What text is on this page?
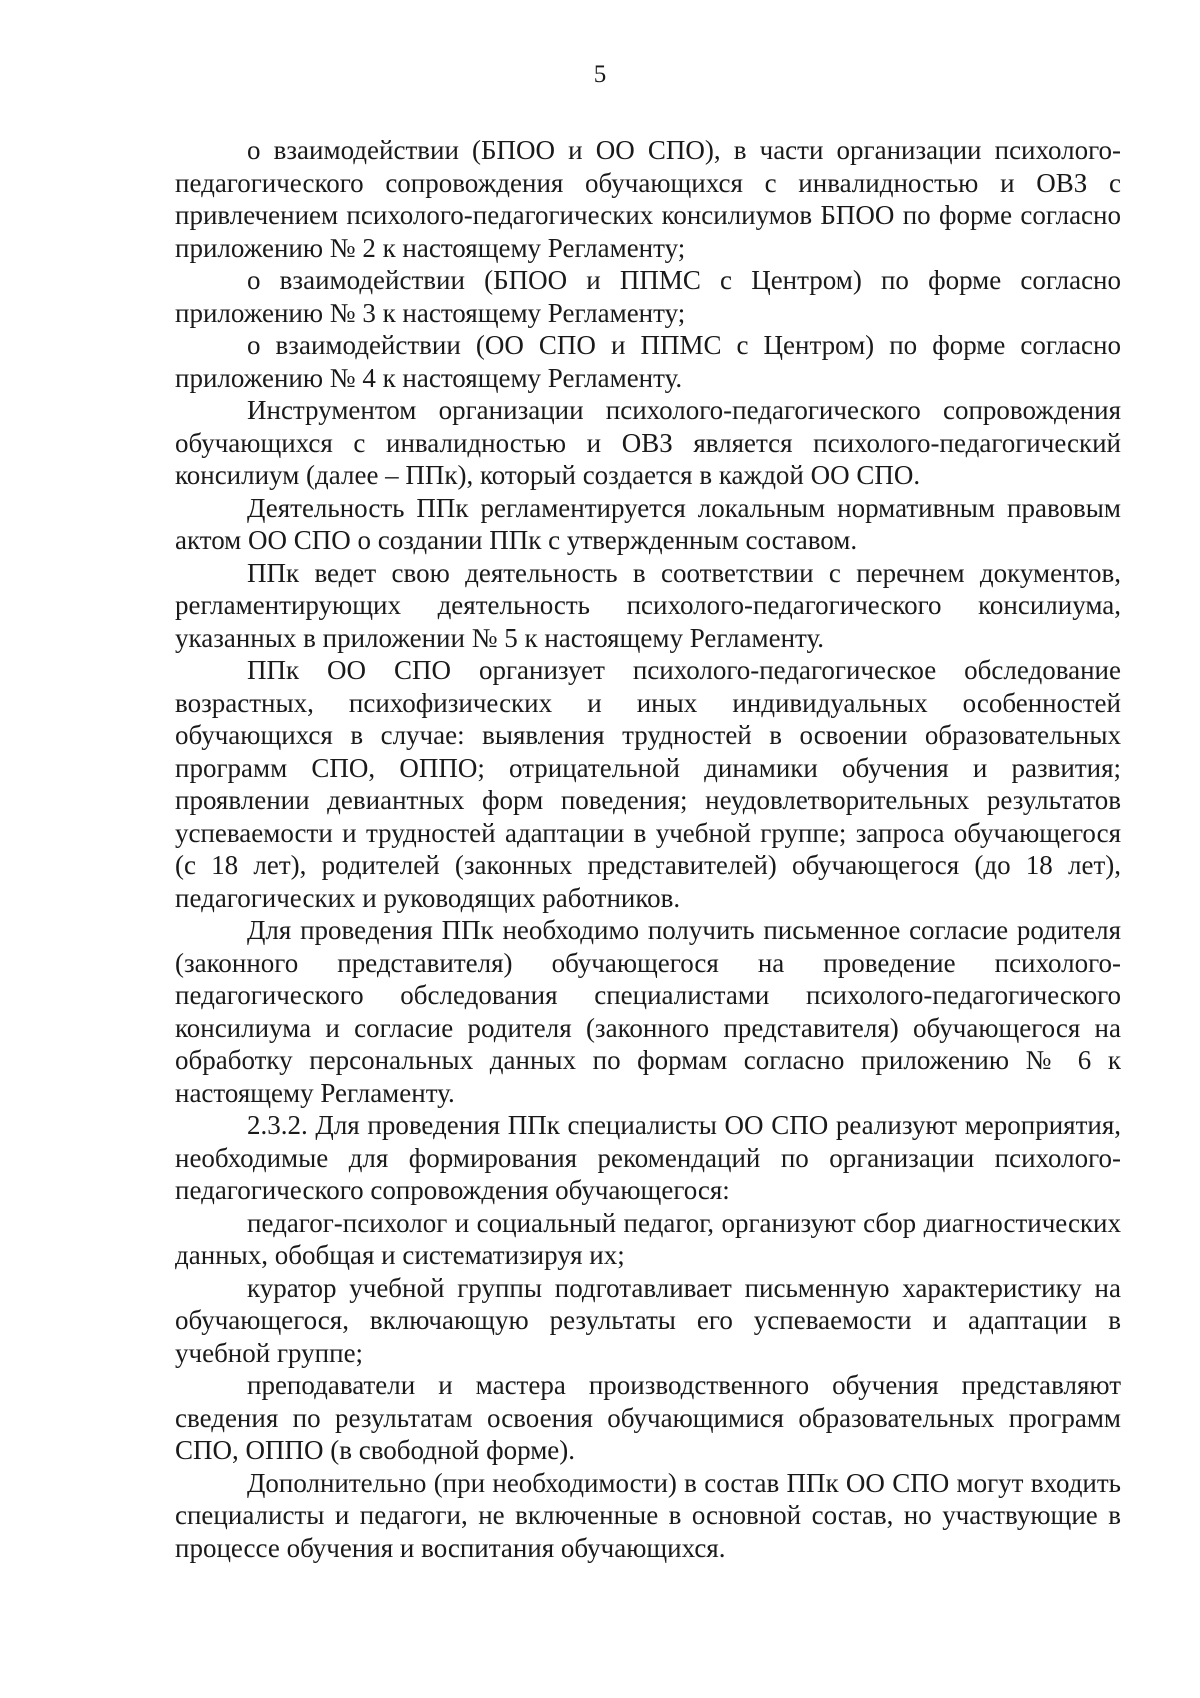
5

о взаимодействии (БПОО и ОО СПО), в части организации психолого-педагогического сопровождения обучающихся с инвалидностью и ОВЗ с привлечением психолого-педагогических консилиумов БПОО по форме согласно приложению № 2 к настоящему Регламенту;

о взаимодействии (БПОО и ППМС с Центром) по форме согласно приложению № 3 к настоящему Регламенту;

о взаимодействии (ОО СПО и ППМС с Центром) по форме согласно приложению № 4 к настоящему Регламенту.

Инструментом организации психолого-педагогического сопровождения обучающихся с инвалидностью и ОВЗ является психолого-педагогический консилиум (далее – ППк), который создается в каждой ОО СПО.

Деятельность ППк регламентируется локальным нормативным правовым актом ОО СПО о создании ППк с утвержденным составом.

ППк ведет свою деятельность в соответствии с перечнем документов, регламентирующих деятельность психолого-педагогического консилиума, указанных в приложении № 5 к настоящему Регламенту.

ППк ОО СПО организует психолого-педагогическое обследование возрастных, психофизических и иных индивидуальных особенностей обучающихся в случае: выявления трудностей в освоении образовательных программ СПО, ОППО; отрицательной динамики обучения и развития; проявлении девиантных форм поведения; неудовлетворительных результатов успеваемости и трудностей адаптации в учебной группе; запроса обучающегося (с 18 лет), родителей (законных представителей) обучающегося (до 18 лет), педагогических и руководящих работников.

Для проведения ППк необходимо получить письменное согласие родителя (законного представителя) обучающегося на проведение психолого-педагогического обследования специалистами психолого-педагогического консилиума и согласие родителя (законного представителя) обучающегося на обработку персональных данных по формам согласно приложению № 6 к настоящему Регламенту.

2.3.2. Для проведения ППк специалисты ОО СПО реализуют мероприятия, необходимые для формирования рекомендаций по организации психолого-педагогического сопровождения обучающегося:

педагог-психолог и социальный педагог, организуют сбор диагностических данных, обобщая и систематизируя их;

куратор учебной группы подготавливает письменную характеристику на обучающегося, включающую результаты его успеваемости и адаптации в учебной группе;

преподаватели и мастера производственного обучения представляют сведения по результатам освоения обучающимися образовательных программ СПО, ОППО (в свободной форме).

Дополнительно (при необходимости) в состав ППк ОО СПО могут входить специалисты и педагоги, не включенные в основной состав, но участвующие в процессе обучения и воспитания обучающихся.
